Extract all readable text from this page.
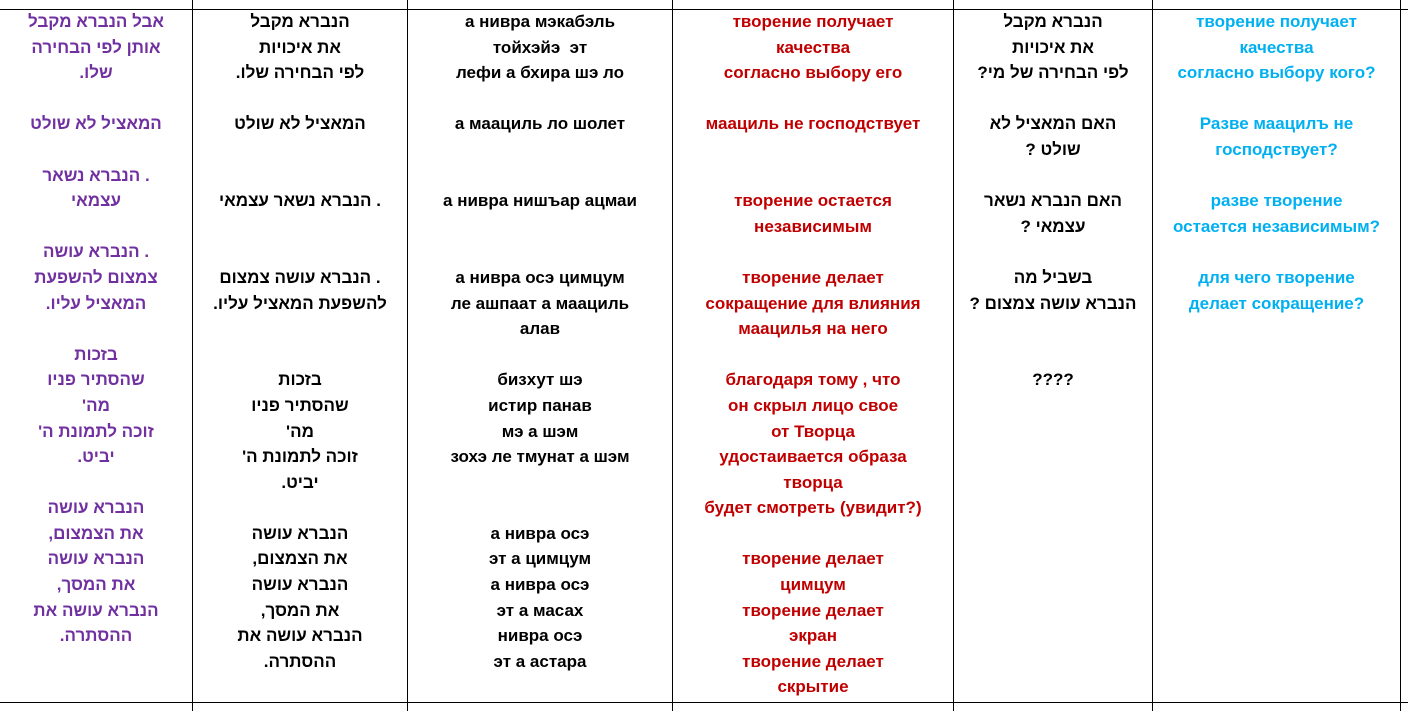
אבל הנברא מקבל
אותן לפי הבחירה
.שלו
המאציל לא שולט
הנברא נשאר .
עצמאי
הנברא עושה .
צמצום להשפעת
.המאציל עליו
בזכות
שהסתיר פניו
'מה
'זוכה לתמונת ה
.יביט
הנברא עושה
,את הצמצום
הנברא עושה
,את המסך
הנברא עושה את
.ההסתרה
הנברא מקבל
את איכויות
.לפי הבחירה שלו
המאציל לא שולט
הנברא נשאר עצמאי .
הנברא עושה צמצום .
.להשפעת המאציל עליו
בזכות
שהסתיר פניו
'מה
'זוכה לתמונת ה
.יביט
הנברא עושה
,את הצמצום
הנברא עושה
,את המסך
הנברא עושה את
.ההסתרה
а нивра мэкабэль
тойхэйэ  эт
лефи а бхира шэ ло
а маациль ло шолет
а нивра нишъар ацмаи
а нивра осэ цимцум
ле ашпаат а маациль
алав
бизхут шэ
истир панав
мэ а шэм
зохэ ле тмунат а шэм
а нивра осэ
эт а цимцум
а нивра осэ
эт а масах
нивра осэ
эт а астара
творение получает
качества
согласно выбору его
маациль не господствует
творение остается
независимым
творение делает
сокращение для влияния
маацилья на него
благодаря тому , что
он скрыл лицо свое
от Творца
удостаивается образа
творца
будет смотреть (увидит?)
творение делает
цимцум
творение делает
экран
творение делает
скрытие
הנברא מקבל
את איכויות
?לפי הבחירה של מי
האם המאציל לא
? שולט
האם הנברא נשאר
? עצמאי
בשביל מה
? הנברא עושה צמצום
????
творение получает
качества
согласно выбору кого?
Разве маацилъ не
господствует?
разве творение
остается независимым?
для чего творение
делает сокращение?
